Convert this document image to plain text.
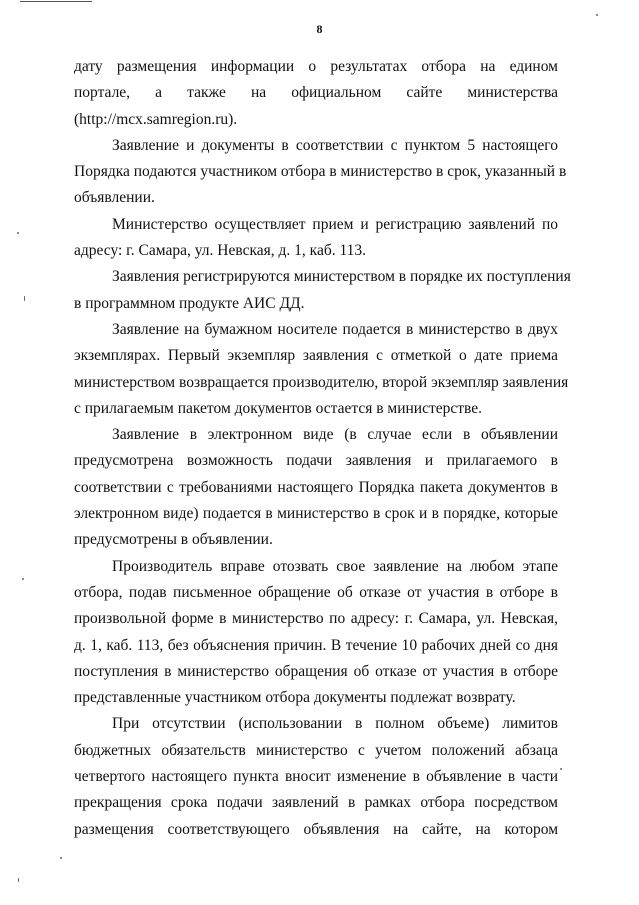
8
дату размещения информации о результатах отбора на едином
портале, а также на официальном сайте министерства
(http://mcx.samregion.ru).
Заявление и документы в соответствии с пунктом 5 настоящего
Порядка подаются участником отбора в министерство в срок, указанный в
объявлении.
Министерство осуществляет прием и регистрацию заявлений по
адресу: г. Самара, ул. Невская, д. 1, каб. 113.
Заявления регистрируются министерством в порядке их поступления
в программном продукте АИС ДД.
Заявление на бумажном носителе подается в министерство в двух
экземплярах. Первый экземпляр заявления с отметкой о дате приема
министерством возвращается производителю, второй экземпляр заявления
с прилагаемым пакетом документов остается в министерстве.
Заявление в электронном виде (в случае если в объявлении
предусмотрена возможность подачи заявления и прилагаемого в
соответствии с требованиями настоящего Порядка пакета документов в
электронном виде) подается в министерство в срок и в порядке, которые
предусмотрены в объявлении.
Производитель вправе отозвать свое заявление на любом этапе
отбора, подав письменное обращение об отказе от участия в отборе в
произвольной форме в министерство по адресу: г. Самара, ул. Невская,
д. 1, каб. 113, без объяснения причин. В течение 10 рабочих дней со дня
поступления в министерство обращения об отказе от участия в отборе
представленные участником отбора документы подлежат возврату.
При отсутствии (использовании в полном объеме) лимитов
бюджетных обязательств министерство с учетом положений абзаца
четвертого настоящего пункта вносит изменение в объявление в части
прекращения срока подачи заявлений в рамках отбора посредством
размещения соответствующего объявления на сайте, на котором
